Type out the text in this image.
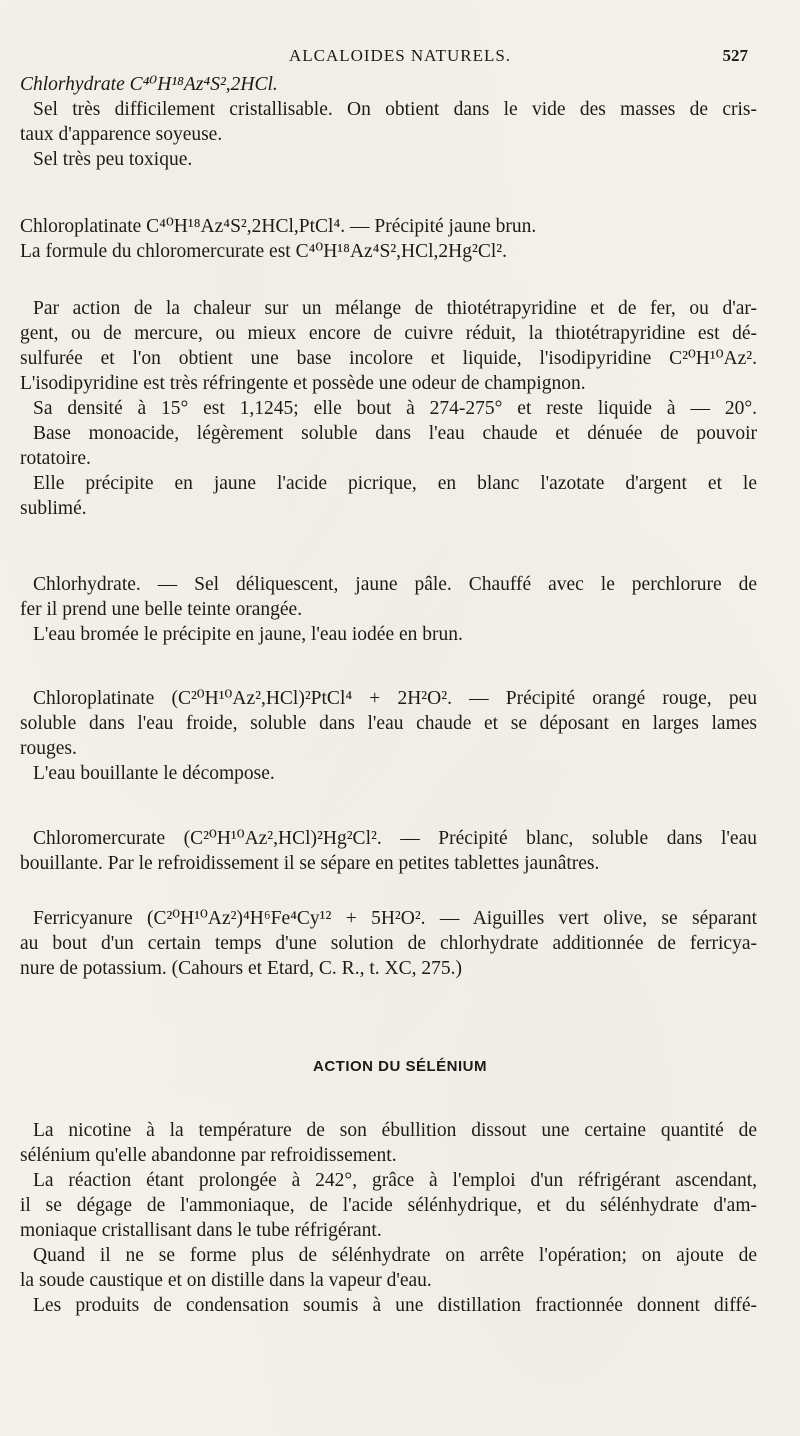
ALCALOIDES NATURELS.	527
Chlorhydrate C⁴⁰H¹⁸Az⁴S²,2HCl.
Sel très difficilement cristallisable. On obtient dans le vide des masses de cris-
taux d'apparence soyeuse.
Sel très peu toxique.
Chloroplatinate C⁴⁰H¹⁸Az⁴S²,2HCl,PtCl⁴. — Précipité jaune brun.
La formule du chloromercurate est C⁴⁰H¹⁸Az⁴S²,HCl,2Hg²Cl².
Par action de la chaleur sur un mélange de thiotétrapyridine et de fer, ou d'ar-
gent, ou de mercure, ou mieux encore de cuivre réduit, la thiotétrapyridine est dé-
sulfurée et l'on obtient une base incolore et liquide, l'isodipyridine C²⁰H¹⁰Az².
L'isodipyridine est très réfringente et possède une odeur de champignon.
Sa densité à 15° est 1,1245; elle bout à 274-275° et reste liquide à — 20°.
Base monoacide, légèrement soluble dans l'eau chaude et dénuée de pouvoir
rotatoire.
Elle précipite en jaune l'acide picrique, en blanc l'azotate d'argent et le
sublimé.
Chlorhydrate. — Sel déliquescent, jaune pâle. Chauffé avec le perchlorure de
fer il prend une belle teinte orangée.
L'eau bromée le précipite en jaune, l'eau iodée en brun.
Chloroplatinate (C²⁰H¹⁰Az²,HCl)²PtCl⁴ + 2H²O². — Précipité orangé rouge, peu
soluble dans l'eau froide, soluble dans l'eau chaude et se déposant en larges lames
rouges.
L'eau bouillante le décompose.
Chloromercurate (C²⁰H¹⁰Az²,HCl)²Hg²Cl². — Précipité blanc, soluble dans l'eau
bouillante. Par le refroidissement il se sépare en petites tablettes jaunâtres.
Ferricyanure (C²⁰H¹⁰Az²)⁴H⁶Fe⁴Cy¹² + 5H²O². — Aiguilles vert olive, se séparant
au bout d'un certain temps d'une solution de chlorhydrate additionnée de ferricya-
nure de potassium. (Cahours et Etard, C. R., t. XC, 275.)
ACTION DU SÉLÉNIUM
La nicotine à la température de son ébullition dissout une certaine quantité de
sélénium qu'elle abandonne par refroidissement.
La réaction étant prolongée à 242°, grâce à l'emploi d'un réfrigérant ascendant,
il se dégage de l'ammoniaque, de l'acide sélénhydrique, et du sélénhydrate d'am-
moniaque cristallisant dans le tube réfrigérant.
Quand il ne se forme plus de sélénhydrate on arrête l'opération; on ajoute de
la soude caustique et on distille dans la vapeur d'eau.
Les produits de condensation soumis à une distillation fractionnée donnent diffé-
